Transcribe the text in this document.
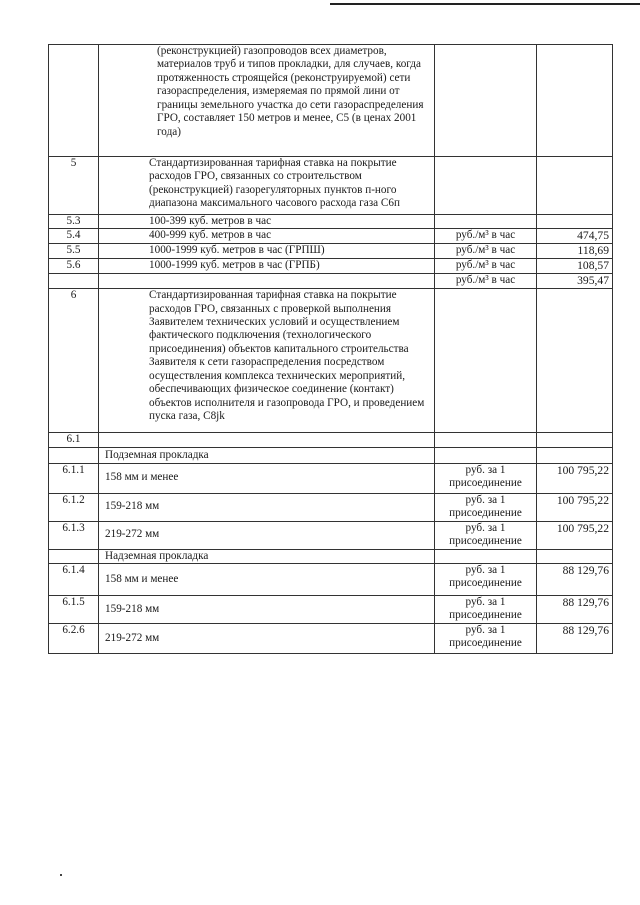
	(реконструкцией) газопроводов всех диаметров, материалов труб и типов прокладки, для случаев, когда протяженность строящейся (реконструируемой) сети газораспределения, измеряемая по прямой лини от границы земельного участка до сети газораспределения ГРО, составляет 150 метров и менее, С5 (в ценах 2001 года)		
5	Стандартизированная тарифная ставка на покрытие расходов ГРО, связанных со строительством (реконструкцией) газорегуляторных пунктов п-ного диапазона максимального часового расхода газа С6п		
5.3	100-399 куб. метров в час		
5.4	400-999 куб. метров в час	руб./м³ в час	474,75
5.5	1000-1999 куб. метров в час (ГРПШ)	руб./м³ в час	118,69
5.6	1000-1999 куб. метров в час (ГРПБ)	руб./м³ в час	108,57
		руб./м³ в час	395,47
6	Стандартизированная тарифная ставка на покрытие расходов ГРО, связанных с проверкой выполнения Заявителем технических условий и осуществлением фактического подключения (технологического присоединения) объектов капитального строительства Заявителя к сети газораспределения посредством осуществления комплекса технических мероприятий, обеспечивающих физическое соединение (контакт) объектов исполнителя и газопровода ГРО, и проведением пуска газа, С8jk		
6.1			
	Подземная прокладка		
6.1.1	158 мм и менее	руб. за 1 присоединение	100 795,22
6.1.2	159-218 мм	руб. за 1 присоединение	100 795,22
6.1.3	219-272 мм	руб. за 1 присоединение	100 795,22
	Надземная прокладка		
6.1.4	158 мм и менее	руб. за 1 присоединение	88 129,76
6.1.5	159-218 мм	руб. за 1 присоединение	88 129,76
6.2.6	219-272 мм	руб. за 1 присоединение	88 129,76
